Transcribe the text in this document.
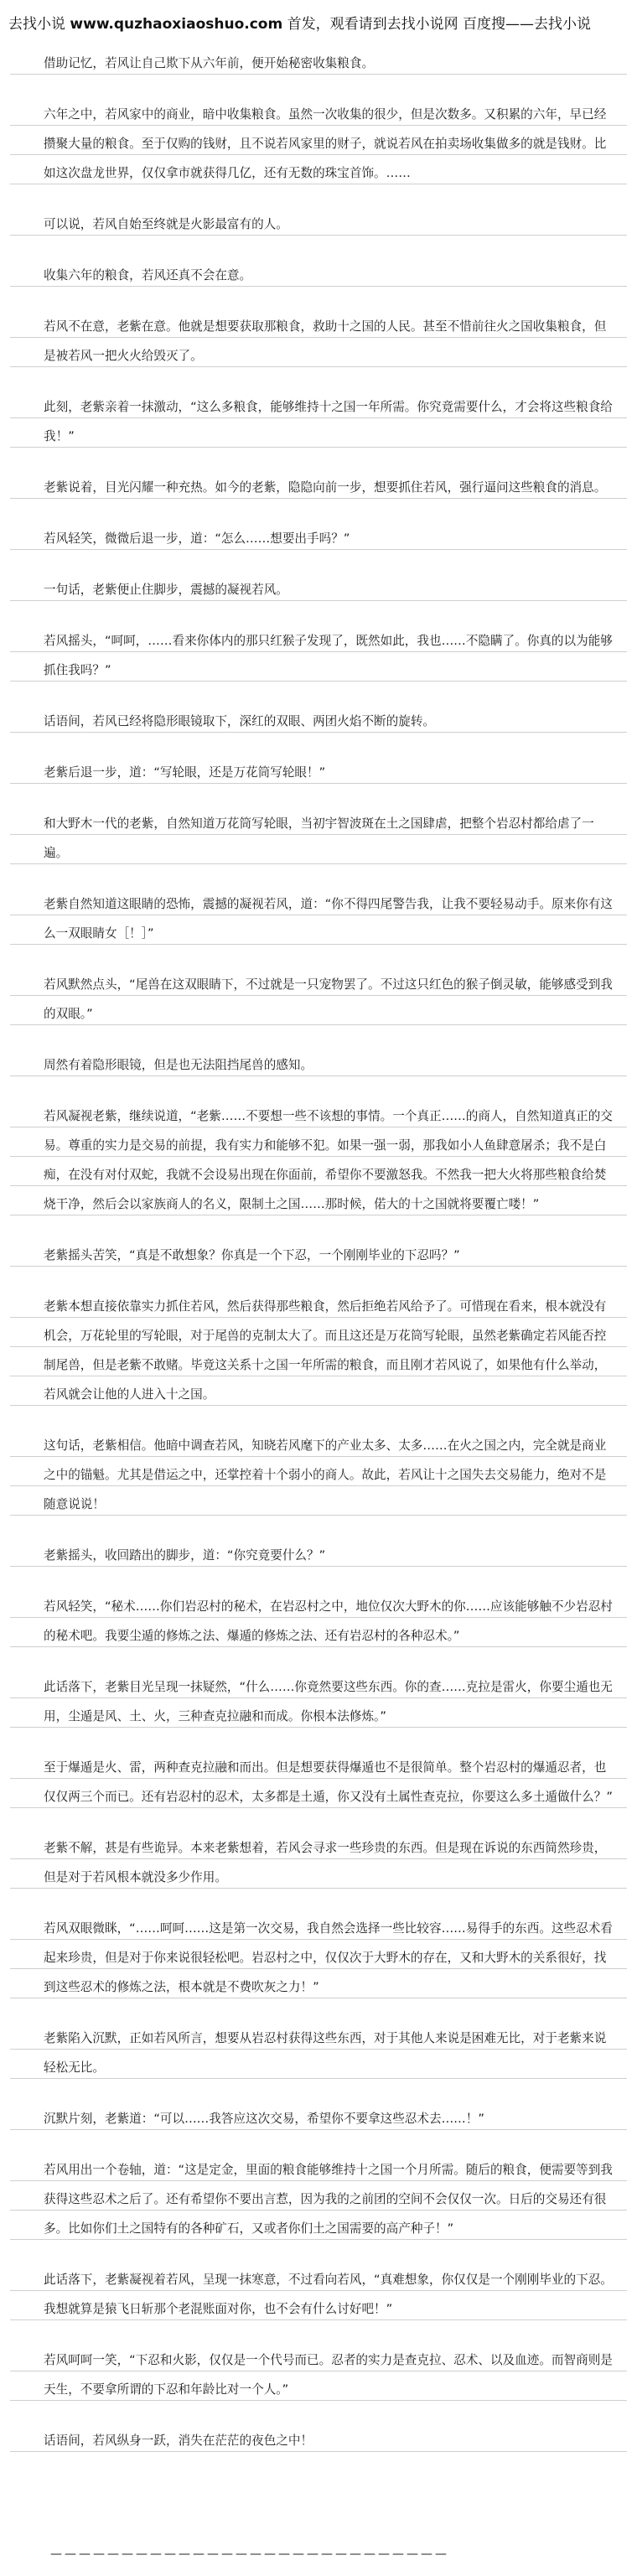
去找小说 www.quzhaoxiaoshuo.com 首发，观看请到去找小说网 百度搜——去找小说

借助记忆，若风让自己欺下从六年前，便开始秘密收集粮食。

六年之中，若风家中的商业，暗中收集粮食。虽然一次收集的很少，但是次数多。又积累的六年，早已经攒聚大量的粮食。至于仅购的钱财，且不说若风家里的财子，就说若风在拍卖场收集做多的就是钱财。比如这次盘龙世界，仅仅拿市就获得几亿，还有无数的珠宝首饰。……

可以说，若风自始至终就是火影最富有的人。

收集六年的粮食，若风还真不会在意。

若风不在意，老紫在意。他就是想要获取那粮食，救助十之国的人民。甚至不惜前往火之国收集粮食，但是被若风一把火火给毁灭了。

此刻，老紫亲着一抹激动，“这么多粮食，能够维持十之国一年所需。你究竟需要什么，才会将这些粮食给我！”

老紫说着，目光闪耀一种充热。如今的老紫，隐隐向前一步，想要抓住若风，强行逼问这些粮食的消息。

若风轻笑，微微后退一步，道：“怎么……想要出手吗？”

一句话，老紫便止住脚步，震撼的凝视若风。

若风摇头，“呵呵，……看来你体内的那只红猴子发现了，既然如此，我也……不隐瞒了。你真的以为能够抓住我吗？”

话语间，若风已经将隐形眼镜取下，深红的双眼、两团火焰不断的旋转。

老紫后退一步，道：“写轮眼，还是万花筒写轮眼！”

和大野木一代的老紫，自然知道万花筒写轮眼，当初宇智波斑在土之国肆虐，把整个岩忍村都给虐了一遍。

老紫自然知道这眼睛的恐怖，震撼的凝视若风，道：“你不得四尾警告我，让我不要轻易动手。原来你有这么一双眼睛女［！］”

若风默然点头，“尾兽在这双眼睛下，不过就是一只宠物罢了。不过这只红色的猴子倒灵敏，能够感受到我的双眼。”

周然有着隐形眼镜，但是也无法阻挡尾兽的感知。

若风凝视老紫，继续说道，“老紫……不要想一些不该想的事情。一个真正……的商人，自然知道真正的交易。尊重的实力是交易的前提，我有实力和能够不犯。如果一强一弱，那我如小人鱼肆意屠杀；我不是白痴，在没有对付双蛇，我就不会设易出现在你面前，希望你不要激怒我。不然我一把大火将那些粮食给焚烧干净，然后会以家族商人的名义，限制土之国……那时候，偌大的十之国就将要覆亡喽！”

老紫摇头苦笑，“真是不敢想象？你真是一个下忍，一个刚刚毕业的下忍吗？”

老紫本想直接依靠实力抓住若风，然后获得那些粮食，然后拒绝若风给予了。可惜现在看来，根本就没有机会，万花轮里的写轮眼，对于尾兽的克制太大了。而且这还是万花筒写轮眼，虽然老紫确定若风能否控制尾兽，但是老紫不敢赌。毕竟这关系十之国一年所需的粮食，而且刚才若风说了，如果他有什么举动，若风就会让他的人进入十之国。

这句话，老紫相信。他暗中调查若风，知晓若风麾下的产业太多、太多……在火之国之内，完全就是商业之中的锚魁。尤其是借运之中，还掌控着十个弱小的商人。故此，若风让十之国失去交易能力，绝对不是随意说说！

老紫摇头，收回踏出的脚步，道：“你究竟要什么？”

若风轻笑，“秘术……你们岩忍村的秘术，在岩忍村之中，地位仅次大野木的你……应该能够触不少岩忍村的秘术吧。我要尘遁的修炼之法、爆遁的修炼之法、还有岩忍村的各种忍术。”

此话落下，老紫目光呈现一抹疑然，“什么……你竟然要这些东西。你的查……克拉是雷火，你要尘遁也无用，尘遁是风、土、火，三种查克拉融和而成。你根本法修炼。”

至于爆遁是火、雷，两种查克拉融和而出。但是想要获得爆遁也不是很简单。整个岩忍村的爆遁忍者，也仅仅两三个而已。还有岩忍村的忍术，太多都是土遁，你又没有土属性查克拉，你要这么多土遁做什么？”

老紫不解，甚是有些诡异。本来老紫想着，若风会寻求一些珍贵的东西。但是现在诉说的东西简然珍贵，但是对于若风根本就没多少作用。

若风双眼微眯，“……呵呵……这是第一次交易，我自然会选择一些比较容……易得手的东西。这些忍术看起来珍贵，但是对于你来说很轻松吧。岩忍村之中，仅仅次于大野木的存在，又和大野木的关系很好，找到这些忍术的修炼之法，根本就是不费吹灰之力！”

老紫陷入沉默，正如若风所言，想要从岩忍村获得这些东西，对于其他人来说是困难无比，对于老紫来说轻松无比。

沉默片刻，老紫道：“可以……我答应这次交易，希望你不要拿这些忍术去……！”

若风用出一个卷轴，道：“这是定金，里面的粮食能够维持十之国一个月所需。随后的粮食，便需要等到我获得这些忍术之后了。还有希望你不要出言惹，因为我的之前团的空间不会仅仅一次。日后的交易还有很多。比如你们土之国特有的各种矿石，又或者你们土之国需要的高产种子！”

此话落下，老紫凝视着若风，呈现一抹寒意，不过看向若风，“真难想象，你仅仅是一个刚刚毕业的下忍。我想就算是猿飞日斩那个老混账面对你，也不会有什么讨好吧！”

若风呵呵一笑，“下忍和火影，仅仅是一个代号而已。忍者的实力是查克拉、忍术、以及血迹。而智商则是天生，不要拿所谓的下忍和年龄比对一个人。”

话语间，若风纵身一跃，消失在茫茫的夜色之中！

————————————————————————————
